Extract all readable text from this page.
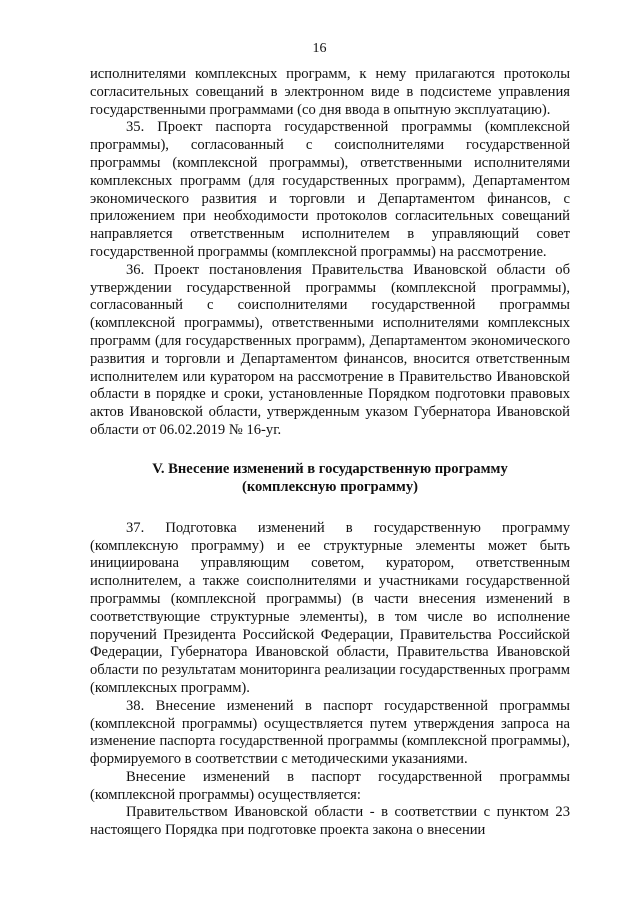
16

исполнителями комплексных программ, к нему прилагаются протоколы согласительных совещаний в электронном виде в подсистеме управления государственными программами (со дня ввода в опытную эксплуатацию).

35. Проект паспорта государственной программы (комплексной программы), согласованный с соисполнителями государственной программы (комплексной программы), ответственными исполнителями комплексных программ (для государственных программ), Департаментом экономического развития и торговли и Департаментом финансов, с приложением при необходимости протоколов согласительных совещаний направляется ответственным исполнителем в управляющий совет государственной программы (комплексной программы) на рассмотрение.

36. Проект постановления Правительства Ивановской области об утверждении государственной программы (комплексной программы), согласованный с соисполнителями государственной программы (комплексной программы), ответственными исполнителями комплексных программ (для государственных программ), Департаментом экономического развития и торговли и Департаментом финансов, вносится ответственным исполнителем или куратором на рассмотрение в Правительство Ивановской области в порядке и сроки, установленные Порядком подготовки правовых актов Ивановской области, утвержденным указом Губернатора Ивановской области от 06.02.2019 № 16-уг.

V. Внесение изменений в государственную программу
(комплексную программу)

37. Подготовка изменений в государственную программу (комплексную программу) и ее структурные элементы может быть инициирована управляющим советом, куратором, ответственным исполнителем, а также соисполнителями и участниками государственной программы (комплексной программы) (в части внесения изменений в соответствующие структурные элементы), в том числе во исполнение поручений Президента Российской Федерации, Правительства Российской Федерации, Губернатора Ивановской области, Правительства Ивановской области по результатам мониторинга реализации государственных программ (комплексных программ).

38. Внесение изменений в паспорт государственной программы (комплексной программы) осуществляется путем утверждения запроса на изменение паспорта государственной программы (комплексной программы), формируемого в соответствии с методическими указаниями.

Внесение изменений в паспорт государственной программы (комплексной программы) осуществляется:

Правительством Ивановской области - в соответствии с пунктом 23 настоящего Порядка при подготовке проекта закона о внесении
